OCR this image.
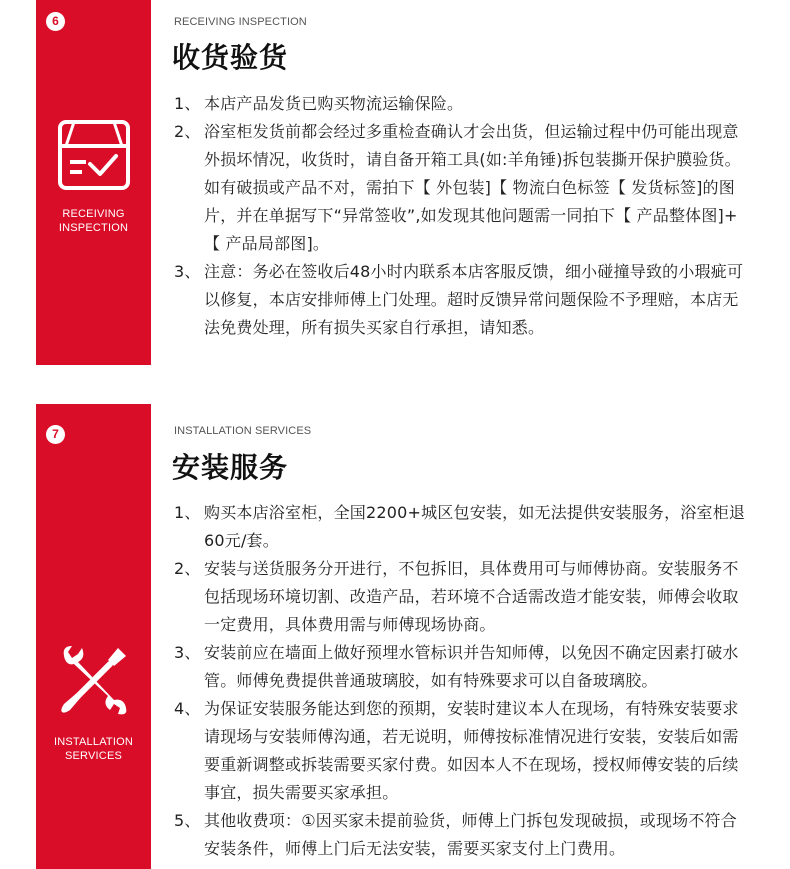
6
RECEIVING
INSPECTION
RECEIVING INSPECTION
收货验货
1、 本店产品发货已购买物流运输保险。
2、 浴室柜发货前都会经过多重检查确认才会出货，但运输过程中仍可能出现意外损坏情况，收货时，请自备开箱工具(如:羊角锤)拆包装撕开保护膜验货。如有破损或产品不对，需拍下【 外包装]【 物流白色标签【 发货标签]的图片，并在单据写下“异常签收”,如发现其他问题需一同拍下【 产品整体图]+【 产品局部图]。
3、 注意：务必在签收后48小时内联系本店客服反馈，细小碰撞导致的小瑕疵可以修复，本店安排师傅上门处理。超时反馈异常问题保险不予理赔，本店无法免费处理，所有损失买家自行承担，请知悉。
7
INSTALLATION
SERVICES
INSTALLATION SERVICES
安装服务
1、 购买本店浴室柜，全国2200+城区包安装，如无法提供安装服务，浴室柜退60元/套。
2、 安装与送货服务分开进行，不包拆旧，具体费用可与师傅协商。安装服务不包括现场环境切割、改造产品，若环境不合适需改造才能安装，师傅会收取一定费用，具体费用需与师傅现场协商。
3、 安装前应在墙面上做好预埋水管标识并告知师傅，以免因不确定因素打破水管。师傅免费提供普通玻璃胶，如有特殊要求可以自备玻璃胶。
4、 为保证安装服务能达到您的预期，安装时建议本人在现场，有特殊安装要求请现场与安装师傅沟通，若无说明，师傅按标准情况进行安装，安装后如需要重新调整或拆装需要买家付费。如因本人不在现场，授权师傅安装的后续事宜，损失需要买家承担。
5、 其他收费项：①因买家未提前验货，师傅上门拆包发现破损，或现场不符合安装条件，师傅上门后无法安装，需要买家支付上门费用。
